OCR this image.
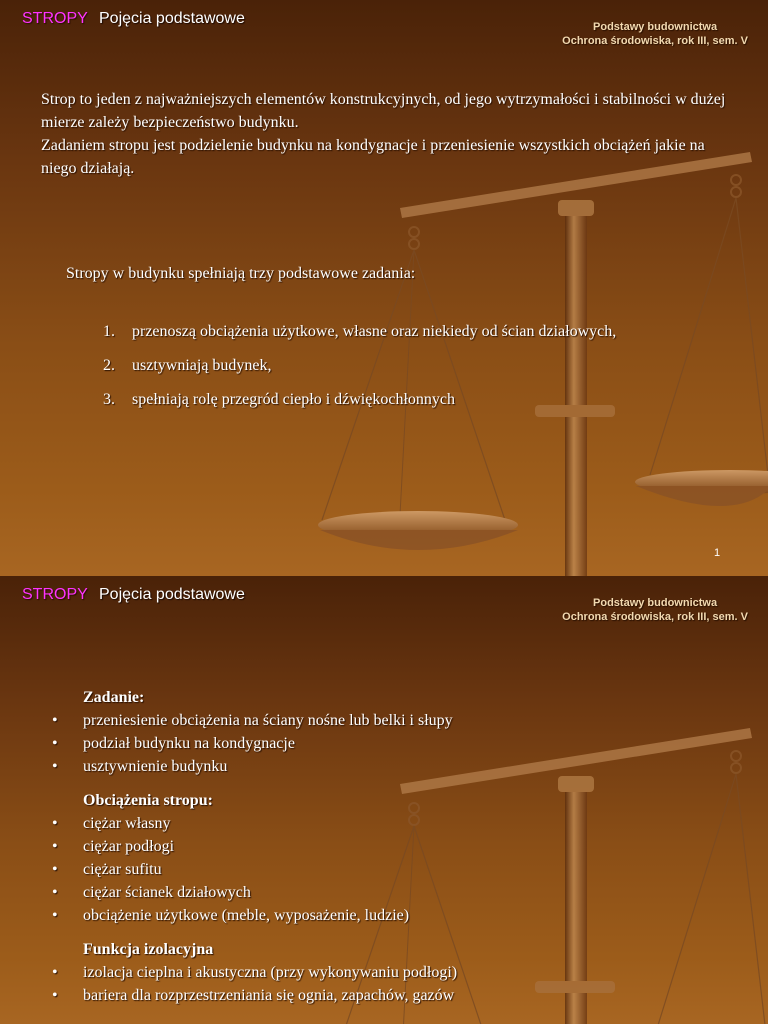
STROPY Pojęcia podstawowe	Podstawy budownictwa
Ochrona środowiska, rok III, sem. V

Strop to jeden z najważniejszych elementów konstrukcyjnych, od jego wytrzymałości i stabilności w dużej mierze zależy bezpieczeństwo budynku.

Zadaniem stropu jest podzielenie budynku na kondygnacje i przeniesienie wszystkich obciążeń jakie na niego działają.

Stropy w budynku spełniają trzy podstawowe zadania:
1. przenoszą obciążenia użytkowe, własne oraz niekiedy od ścian działowych,
2. usztywniają budynek,
3. spełniają rolę przegród ciepło i dźwiękochłonnych
1
STROPY Pojęcia podstawowe	Podstawy budownictwa
Ochrona środowiska, rok III, sem. V
Zadanie:
• przeniesienie obciążenia na ściany nośne lub belki i słupy
• podział budynku na kondygnacje
• usztywnienie budynku
Obciążenia stropu:
• ciężar własny
• ciężar podłogi
• ciężar sufitu
• ciężar ścianek działowych
• obciążenie użytkowe (meble, wyposażenie, ludzie)
Funkcja izolacyjna
• izolacja cieplna i akustyczna (przy wykonywaniu podłogi)
• bariera dla rozprzestrzeniania się ognia, zapachów, gazów
